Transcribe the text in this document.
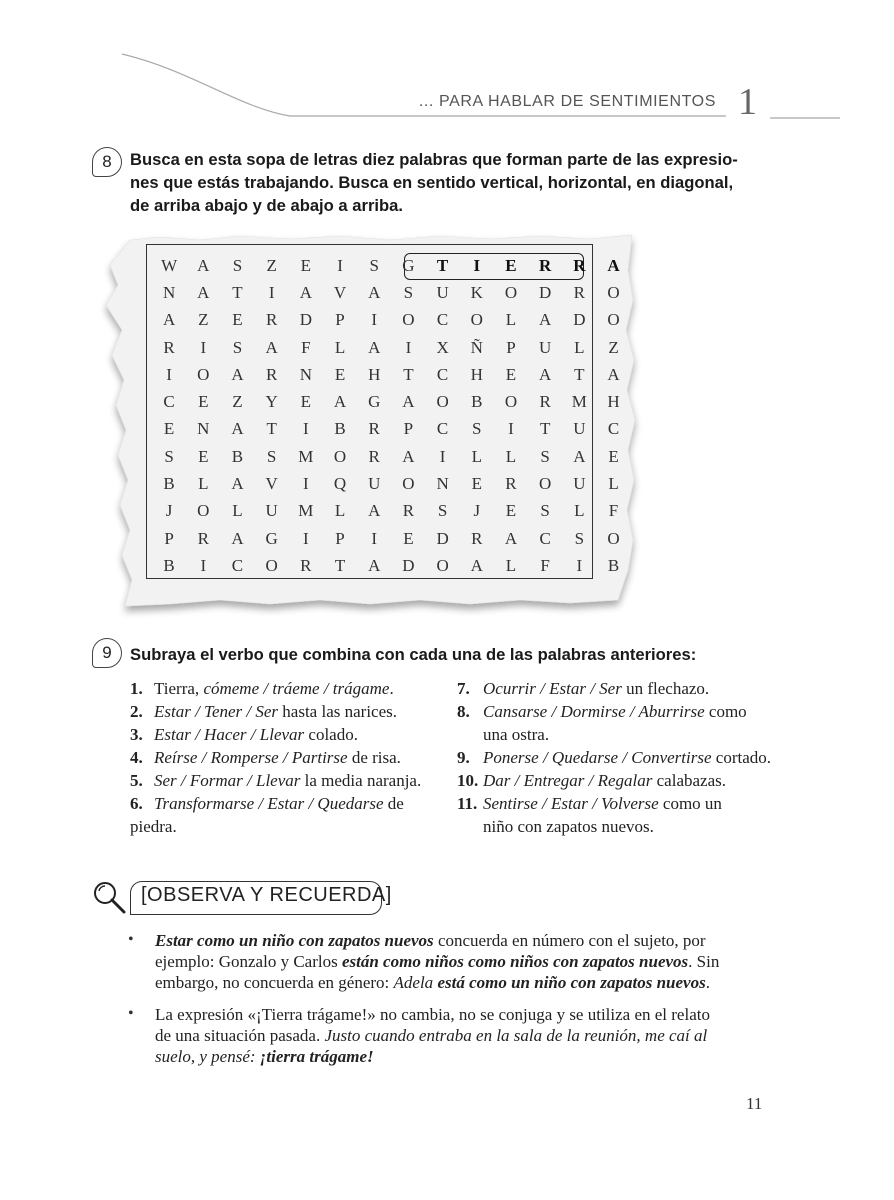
... PARA HABLAR DE SENTIMIENTOS 1
8 Busca en esta sopa de letras diez palabras que forman parte de las expresio-
nes que estás trabajando. Busca en sentido vertical, horizontal, en diagonal,
de arriba abajo y de abajo a arriba.
W	A	S	Z	E	I	S	G	T	I	E	R	R	A
N	A	T	I	A	V	A	S	U	K	O	D	R	O
A	Z	E	R	D	P	I	O	C	O	L	A	D	O
R	I	S	A	F	L	A	I	X	Ñ	P	U	L	Z
I	O	A	R	N	E	H	T	C	H	E	A	T	A
C	E	Z	Y	E	A	G	A	O	B	O	R	M	H
E	N	A	T	I	B	R	P	C	S	I	T	U	C
S	E	B	S	M	O	R	A	I	L	L	S	A	E
B	L	A	V	I	Q	U	O	N	E	R	O	U	L
J	O	L	U	M	L	A	R	S	J	E	S	L	F
P	R	A	G	I	P	I	E	D	R	A	C	S	O
B	I	C	O	R	T	A	D	O	A	L	F	I	B
9 Subraya el verbo que combina con cada una de las palabras anteriores:
1. Tierra, cómeme / tráeme / trágame.
2. Estar / Tener / Ser hasta las narices.
3. Estar / Hacer / Llevar colado.
4. Reírse / Romperse / Partirse de risa.
5. Ser / Formar / Llevar la media naranja.
6. Transformarse / Estar / Quedarse de
piedra.
7. Ocurrir / Estar / Ser un flechazo.
8. Cansarse / Dormirse / Aburrirse como
una ostra.
9. Ponerse / Quedarse / Convertirse cortado.
10. Dar / Entregar / Regalar calabazas.
11. Sentirse / Estar / Volverse como un
niño con zapatos nuevos.
[OBSERVA Y RECUERDA]
• Estar como un niño con zapatos nuevos concuerda en número con el sujeto, por
ejemplo: Gonzalo y Carlos están como niños como niños con zapatos nuevos. Sin
embargo, no concuerda en género: Adela está como un niño con zapatos nuevos.
• La expresión «¡Tierra trágame!» no cambia, no se conjuga y se utiliza en el relato
de una situación pasada. Justo cuando entraba en la sala de la reunión, me caí al
suelo, y pensé: ¡tierra trágame!
11
